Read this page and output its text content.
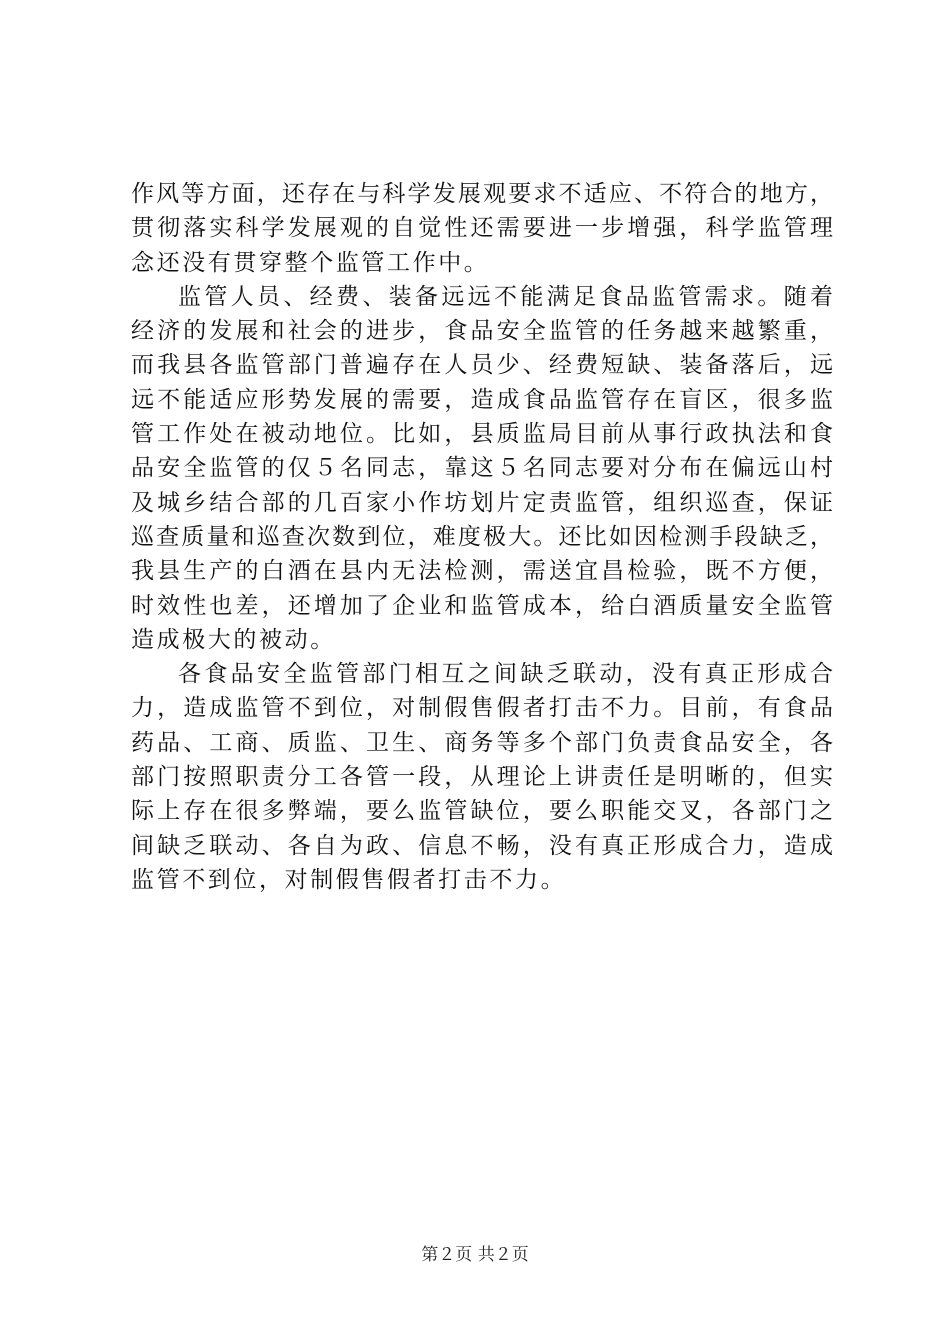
作风等方面，还存在与科学发展观要求不适应、不符合的地方，
贯彻落实科学发展观的自觉性还需要进一步增强，科学监管理
念还没有贯穿整个监管工作中。
监管人员、经费、装备远远不能满足食品监管需求。随着
经济的发展和社会的进步，食品安全监管的任务越来越繁重，
而我县各监管部门普遍存在人员少、经费短缺、装备落后，远
远不能适应形势发展的需要，造成食品监管存在盲区，很多监
管工作处在被动地位。比如，县质监局目前从事行政执法和食
品安全监管的仅５名同志，靠这５名同志要对分布在偏远山村
及城乡结合部的几百家小作坊划片定责监管，组织巡查，保证
巡查质量和巡查次数到位，难度极大。还比如因检测手段缺乏，
我县生产的白酒在县内无法检测，需送宜昌检验，既不方便，
时效性也差，还增加了企业和监管成本，给白酒质量安全监管
造成极大的被动。
各食品安全监管部门相互之间缺乏联动，没有真正形成合
力，造成监管不到位，对制假售假者打击不力。目前，有食品
药品、工商、质监、卫生、商务等多个部门负责食品安全，各
部门按照职责分工各管一段，从理论上讲责任是明晰的，但实
际上存在很多弊端，要么监管缺位，要么职能交叉，各部门之
间缺乏联动、各自为政、信息不畅，没有真正形成合力，造成
监管不到位，对制假售假者打击不力。
第２页 共２页
